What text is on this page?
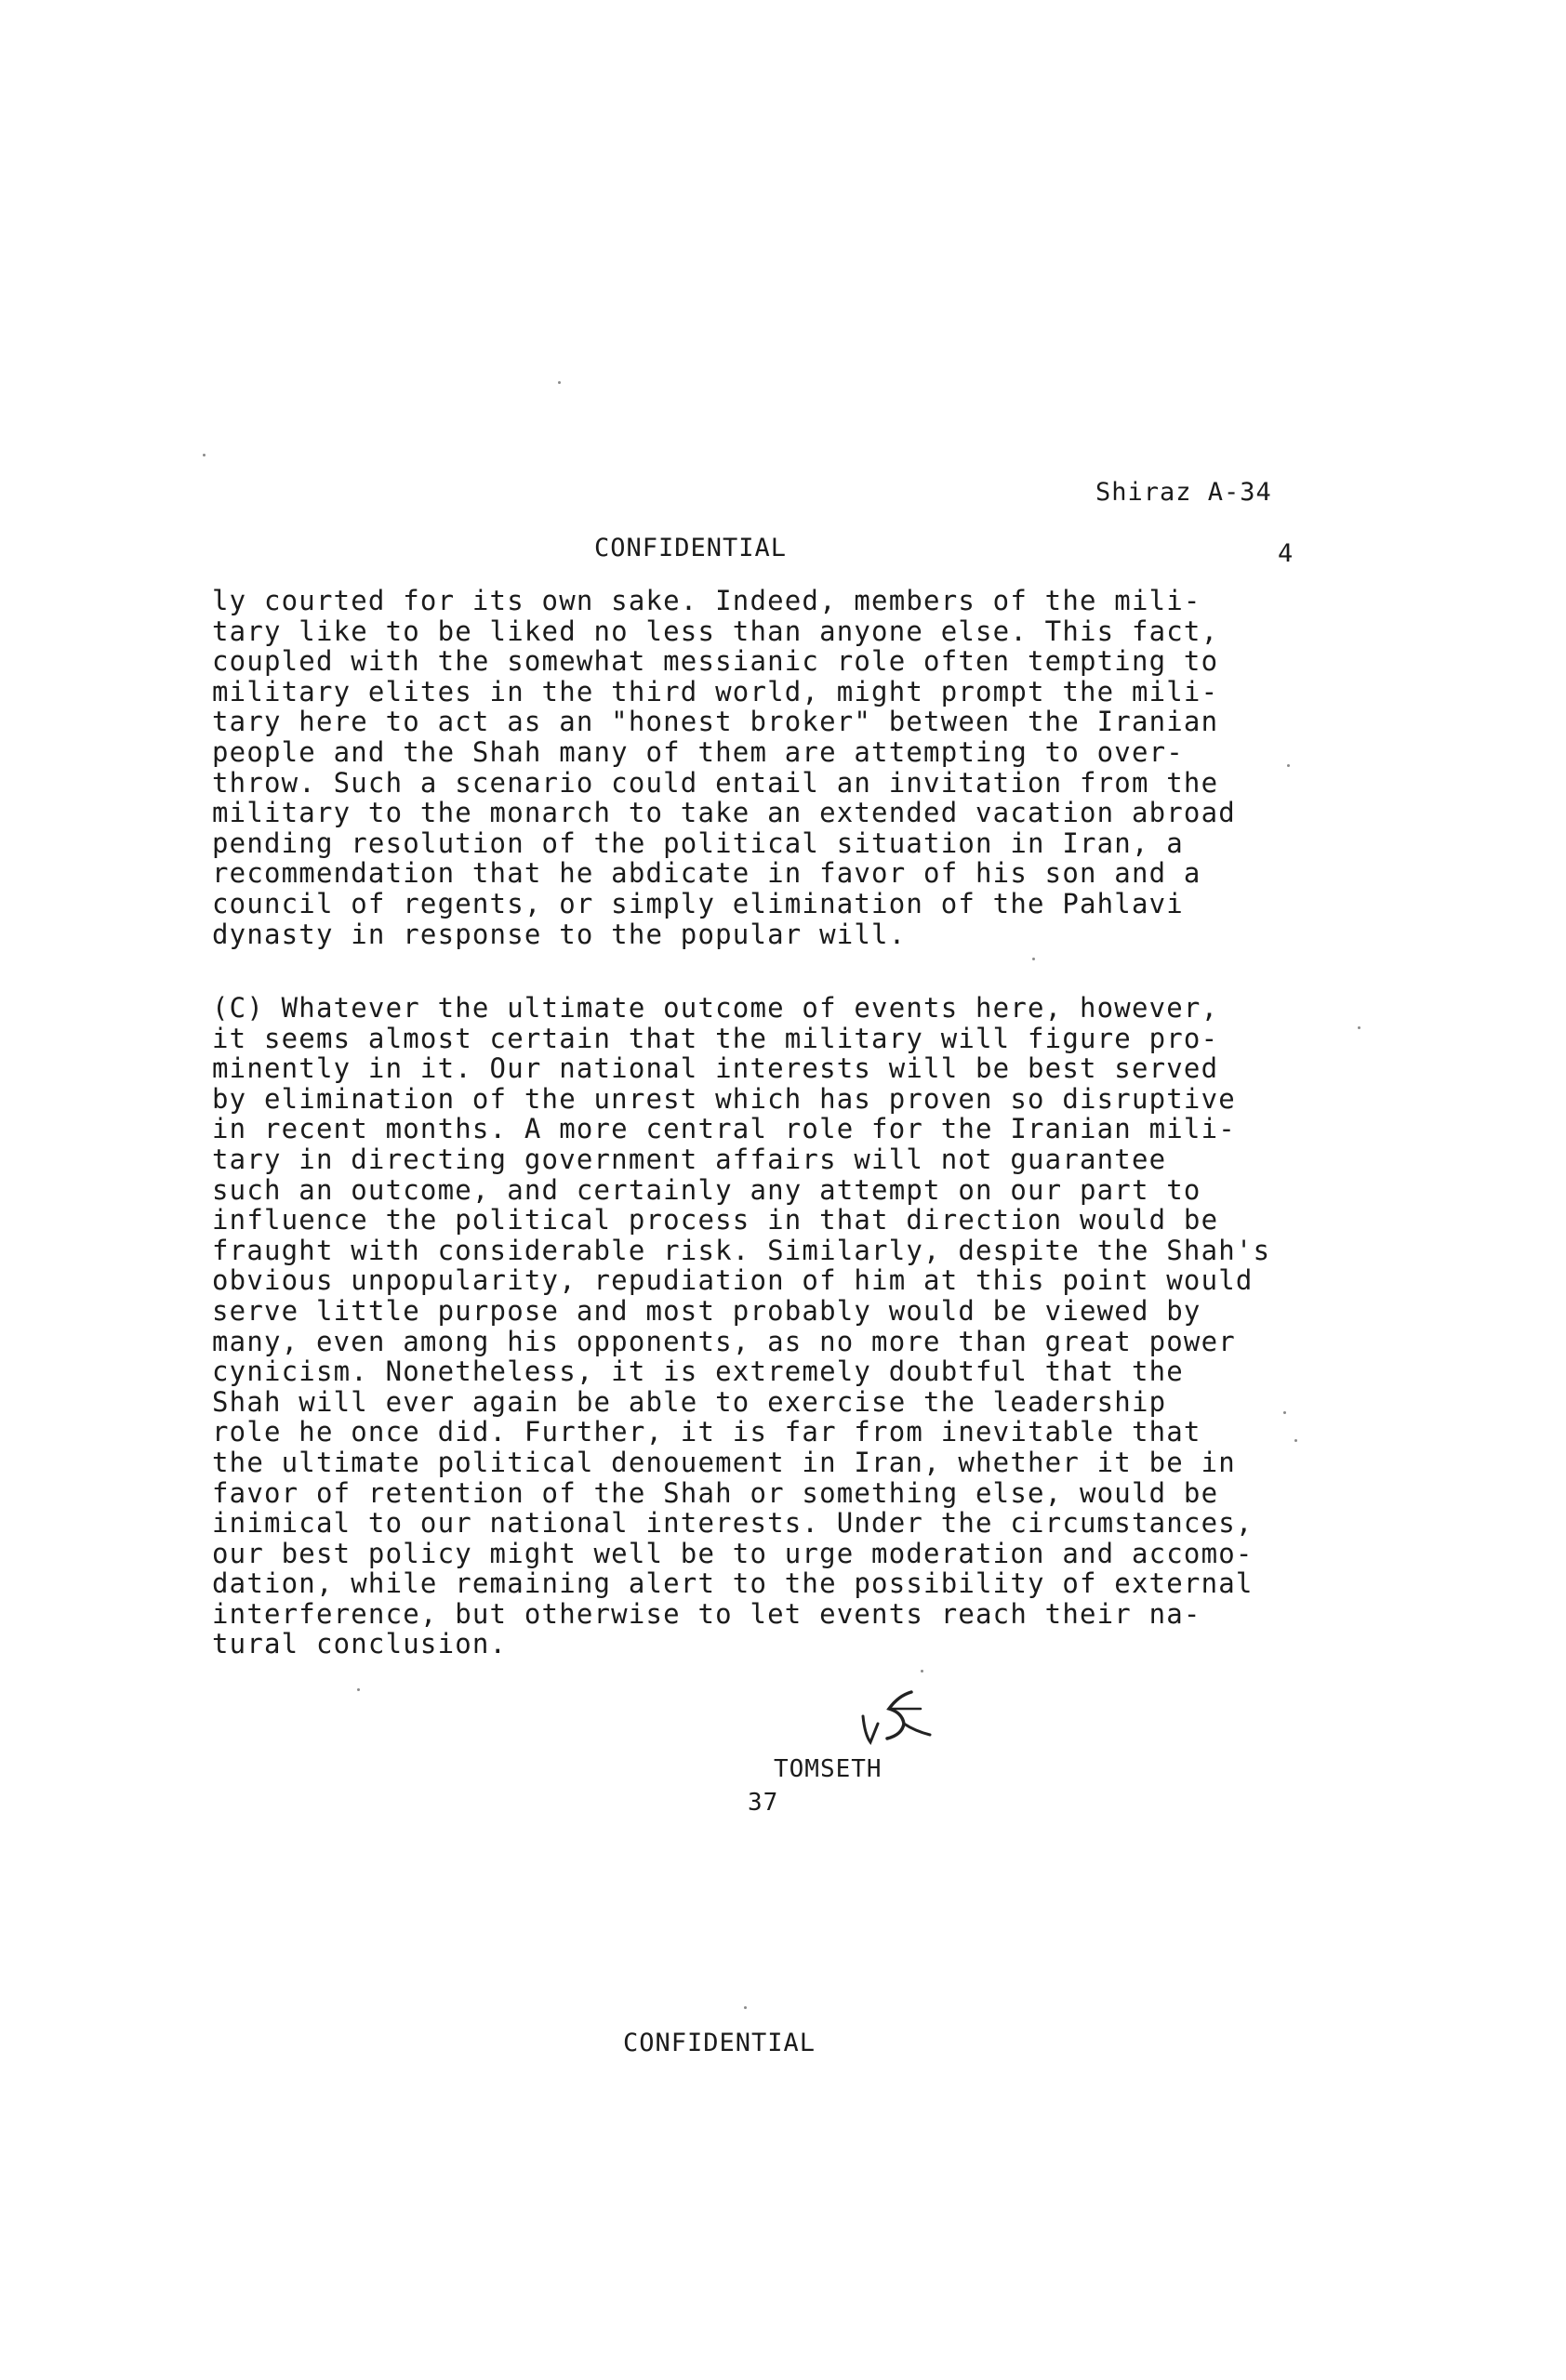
Shiraz A-34
CONFIDENTIAL	4
ly courted for its own sake. Indeed, members of the mili-
tary like to be liked no less than anyone else. This fact,
coupled with the somewhat messianic role often tempting to
military elites in the third world, might prompt the mili-
tary here to act as an "honest broker" between the Iranian
people and the Shah many of them are attempting to over-
throw. Such a scenario could entail an invitation from the
military to the monarch to take an extended vacation abroad
pending resolution of the political situation in Iran, a
recommendation that he abdicate in favor of his son and a
council of regents, or simply elimination of the Pahlavi
dynasty in response to the popular will.
(C) Whatever the ultimate outcome of events here, however,
it seems almost certain that the military will figure pro-
minently in it. Our national interests will be best served
by elimination of the unrest which has proven so disruptive
in recent months. A more central role for the Iranian mili-
tary in directing government affairs will not guarantee
such an outcome, and certainly any attempt on our part to
influence the political process in that direction would be
fraught with considerable risk. Similarly, despite the Shah's
obvious unpopularity, repudiation of him at this point would
serve little purpose and most probably would be viewed by
many, even among his opponents, as no more than great power
cynicism. Nonetheless, it is extremely doubtful that the
Shah will ever again be able to exercise the leadership
role he once did. Further, it is far from inevitable that
the ultimate political denouement in Iran, whether it be in
favor of retention of the Shah or something else, would be
inimical to our national interests. Under the circumstances,
our best policy might well be to urge moderation and accomo-
dation, while remaining alert to the possibility of external
interference, but otherwise to let events reach their na-
tural conclusion.
TOMSETH
37
CONFIDENTIAL
